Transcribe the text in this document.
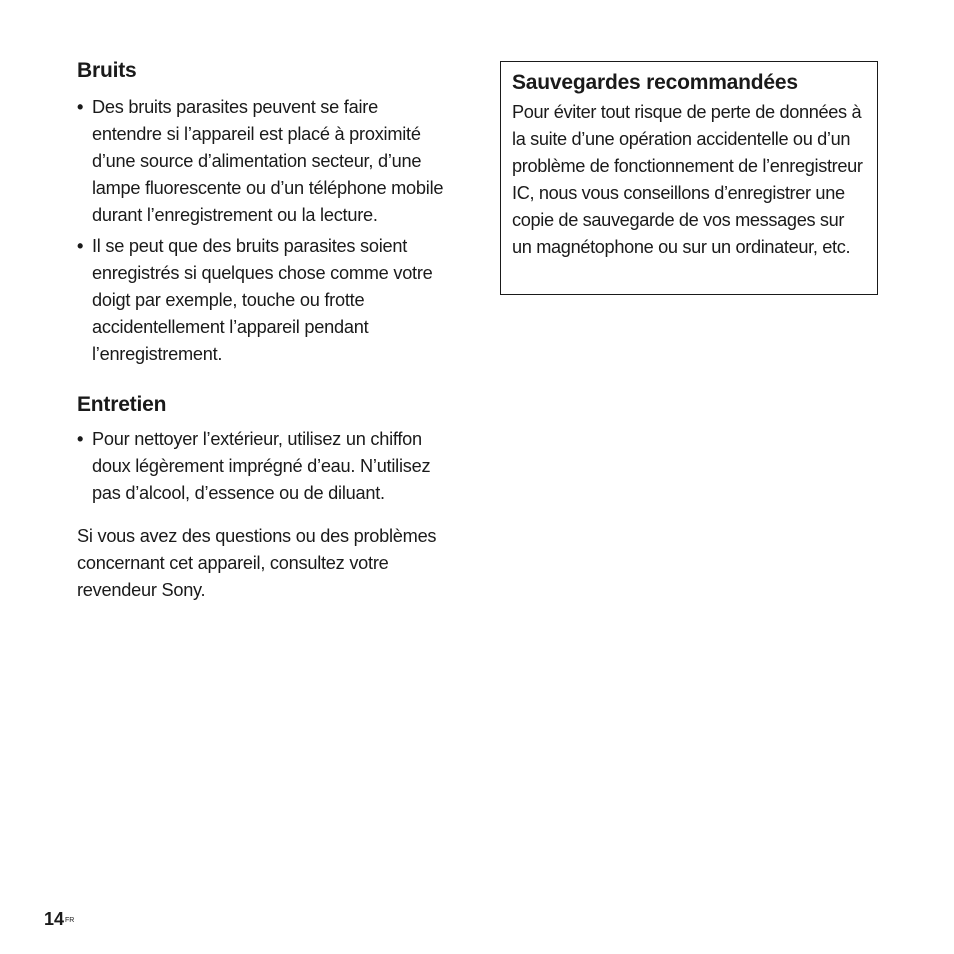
Bruits
• Des bruits parasites peuvent se faire entendre si l’appareil est placé à proximité d’une source d’alimentation secteur, d’une lampe fluorescente ou d’un téléphone mobile durant l’enregistrement ou la lecture.
• Il se peut que des bruits parasites soient enregistrés si quelques chose comme votre doigt par exemple, touche ou frotte accidentellement l’appareil pendant l’enregistrement.
Entretien
• Pour nettoyer l’extérieur, utilisez un chiffon doux légèrement imprégné d’eau. N’utilisez pas d’alcool, d’essence ou de diluant.

Si vous avez des questions ou des problèmes concernant cet appareil, consultez votre revendeur Sony.

Sauvegardes recommandées

Pour éviter tout risque de perte de données à la suite d’une opération accidentelle ou d’un problème de fonctionnement de l’enregistreur IC, nous vous conseillons d’enregistrer une copie de sauvegarde de vos messages sur un magnétophone ou sur un ordinateur, etc.

$14^{FR}$
